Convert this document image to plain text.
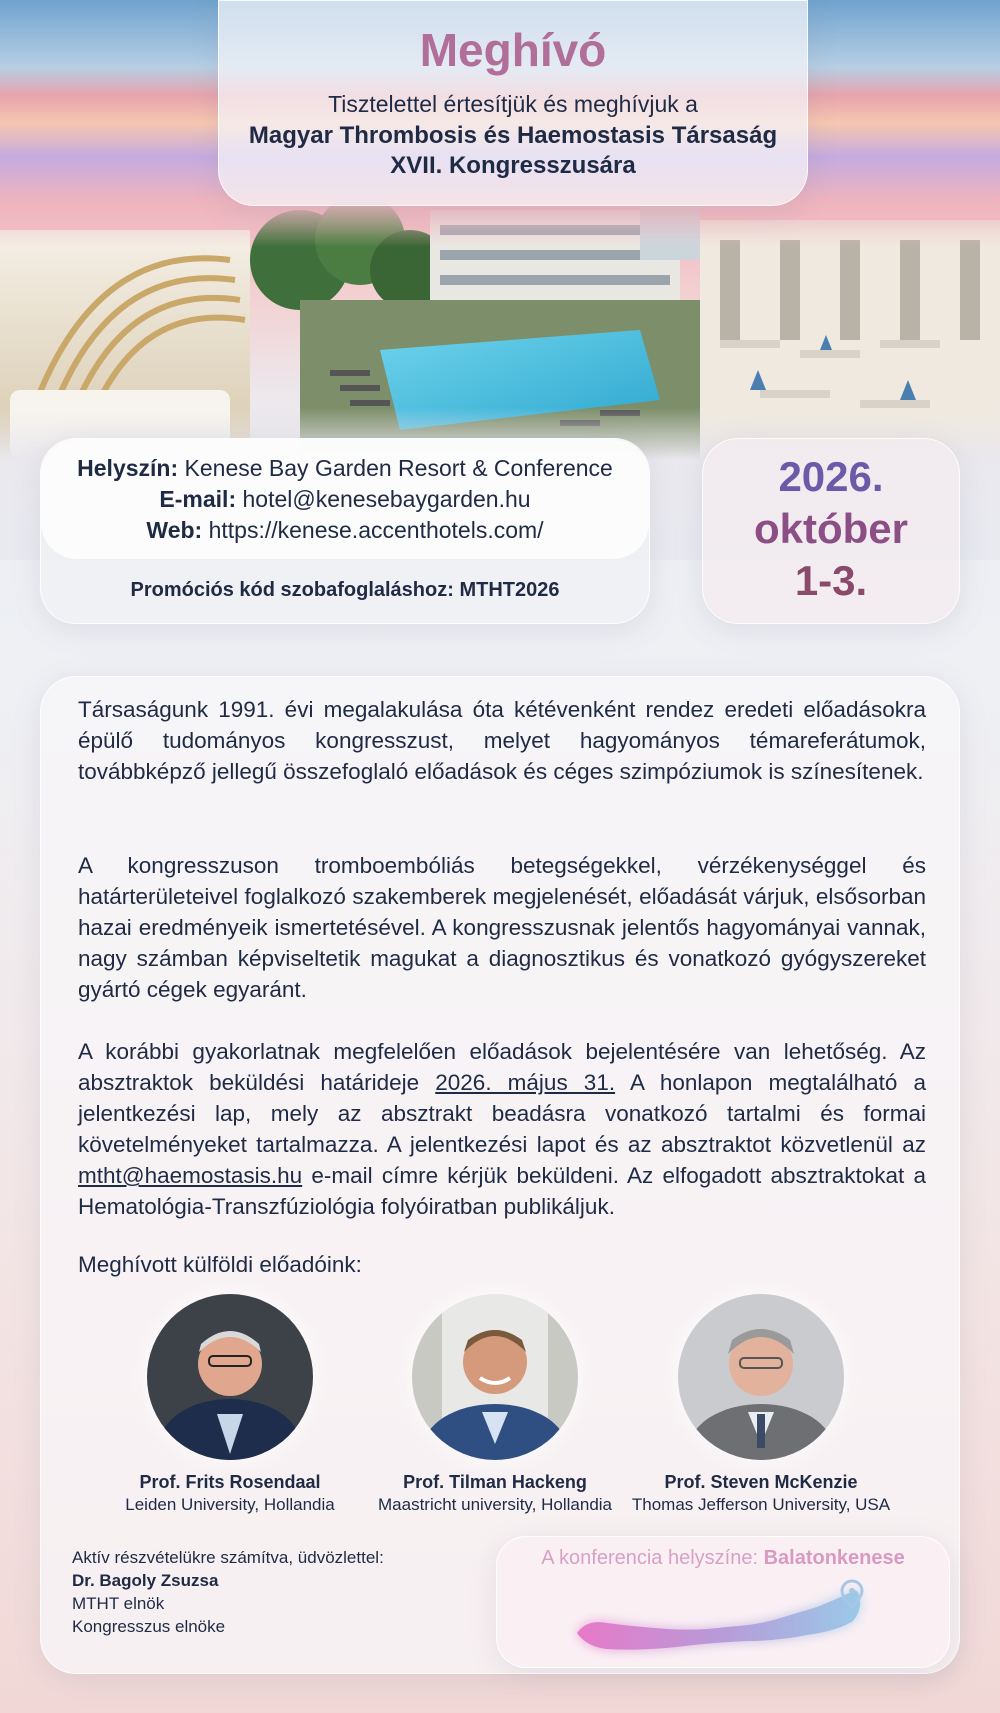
Meghívó
Tisztelettel értesítjük és meghívjuk a
Magyar Thrombosis és Haemostasis Társaság
XVII. Kongresszusára
Helyszín: Kenese Bay Garden Resort & Conference
E-mail: hotel@kenesebaygarden.hu
Web: https://kenese.accenthotels.com/
Promóciós kód szobafoglaláshoz: MTHT2026
2026.
október
1-3.
Társaságunk 1991. évi megalakulása óta kétévenként rendez eredeti előadásokra épülő tudományos kongresszust, melyet hagyományos témareferátumok, továbbképző jellegű összefoglaló előadások és céges szimpóziumok is színesítenek.
A kongresszuson tromboembóliás betegségekkel, vérzékenységgel és határterületeivel foglalkozó szakemberek megjelenését, előadását várjuk, elsősorban hazai eredményeik ismertetésével. A kongresszusnak jelentős hagyományai vannak, nagy számban képviseltetik magukat a diagnosztikus és vonatkozó gyógyszereket gyártó cégek egyaránt.
A korábbi gyakorlatnak megfelelően előadások bejelentésére van lehetőség. Az absztraktok beküldési határideje 2026. május 31. A honlapon megtalálható a jelentkezési lap, mely az absztrakt beadásra vonatkozó tartalmi és formai követelményeket tartalmazza. A jelentkezési lapot és az absztraktot közvetlenül az mtht@haemostasis.hu e-mail címre kérjük beküldeni. Az elfogadott absztraktokat a Hematológia-Transzfúziológia folyóiratban publikáljuk.
Meghívott külföldi előadóink:
Prof. Frits Rosendaal
Leiden University, Hollandia
Prof. Tilman Hackeng
Maastricht university, Hollandia
Prof. Steven McKenzie
Thomas Jefferson University, USA
Aktív részvételükre számítva, üdvözlettel:
Dr. Bagoly Zsuzsa
MTHT elnök
Kongresszus elnöke
A konferencia helyszíne: Balatonkenese
